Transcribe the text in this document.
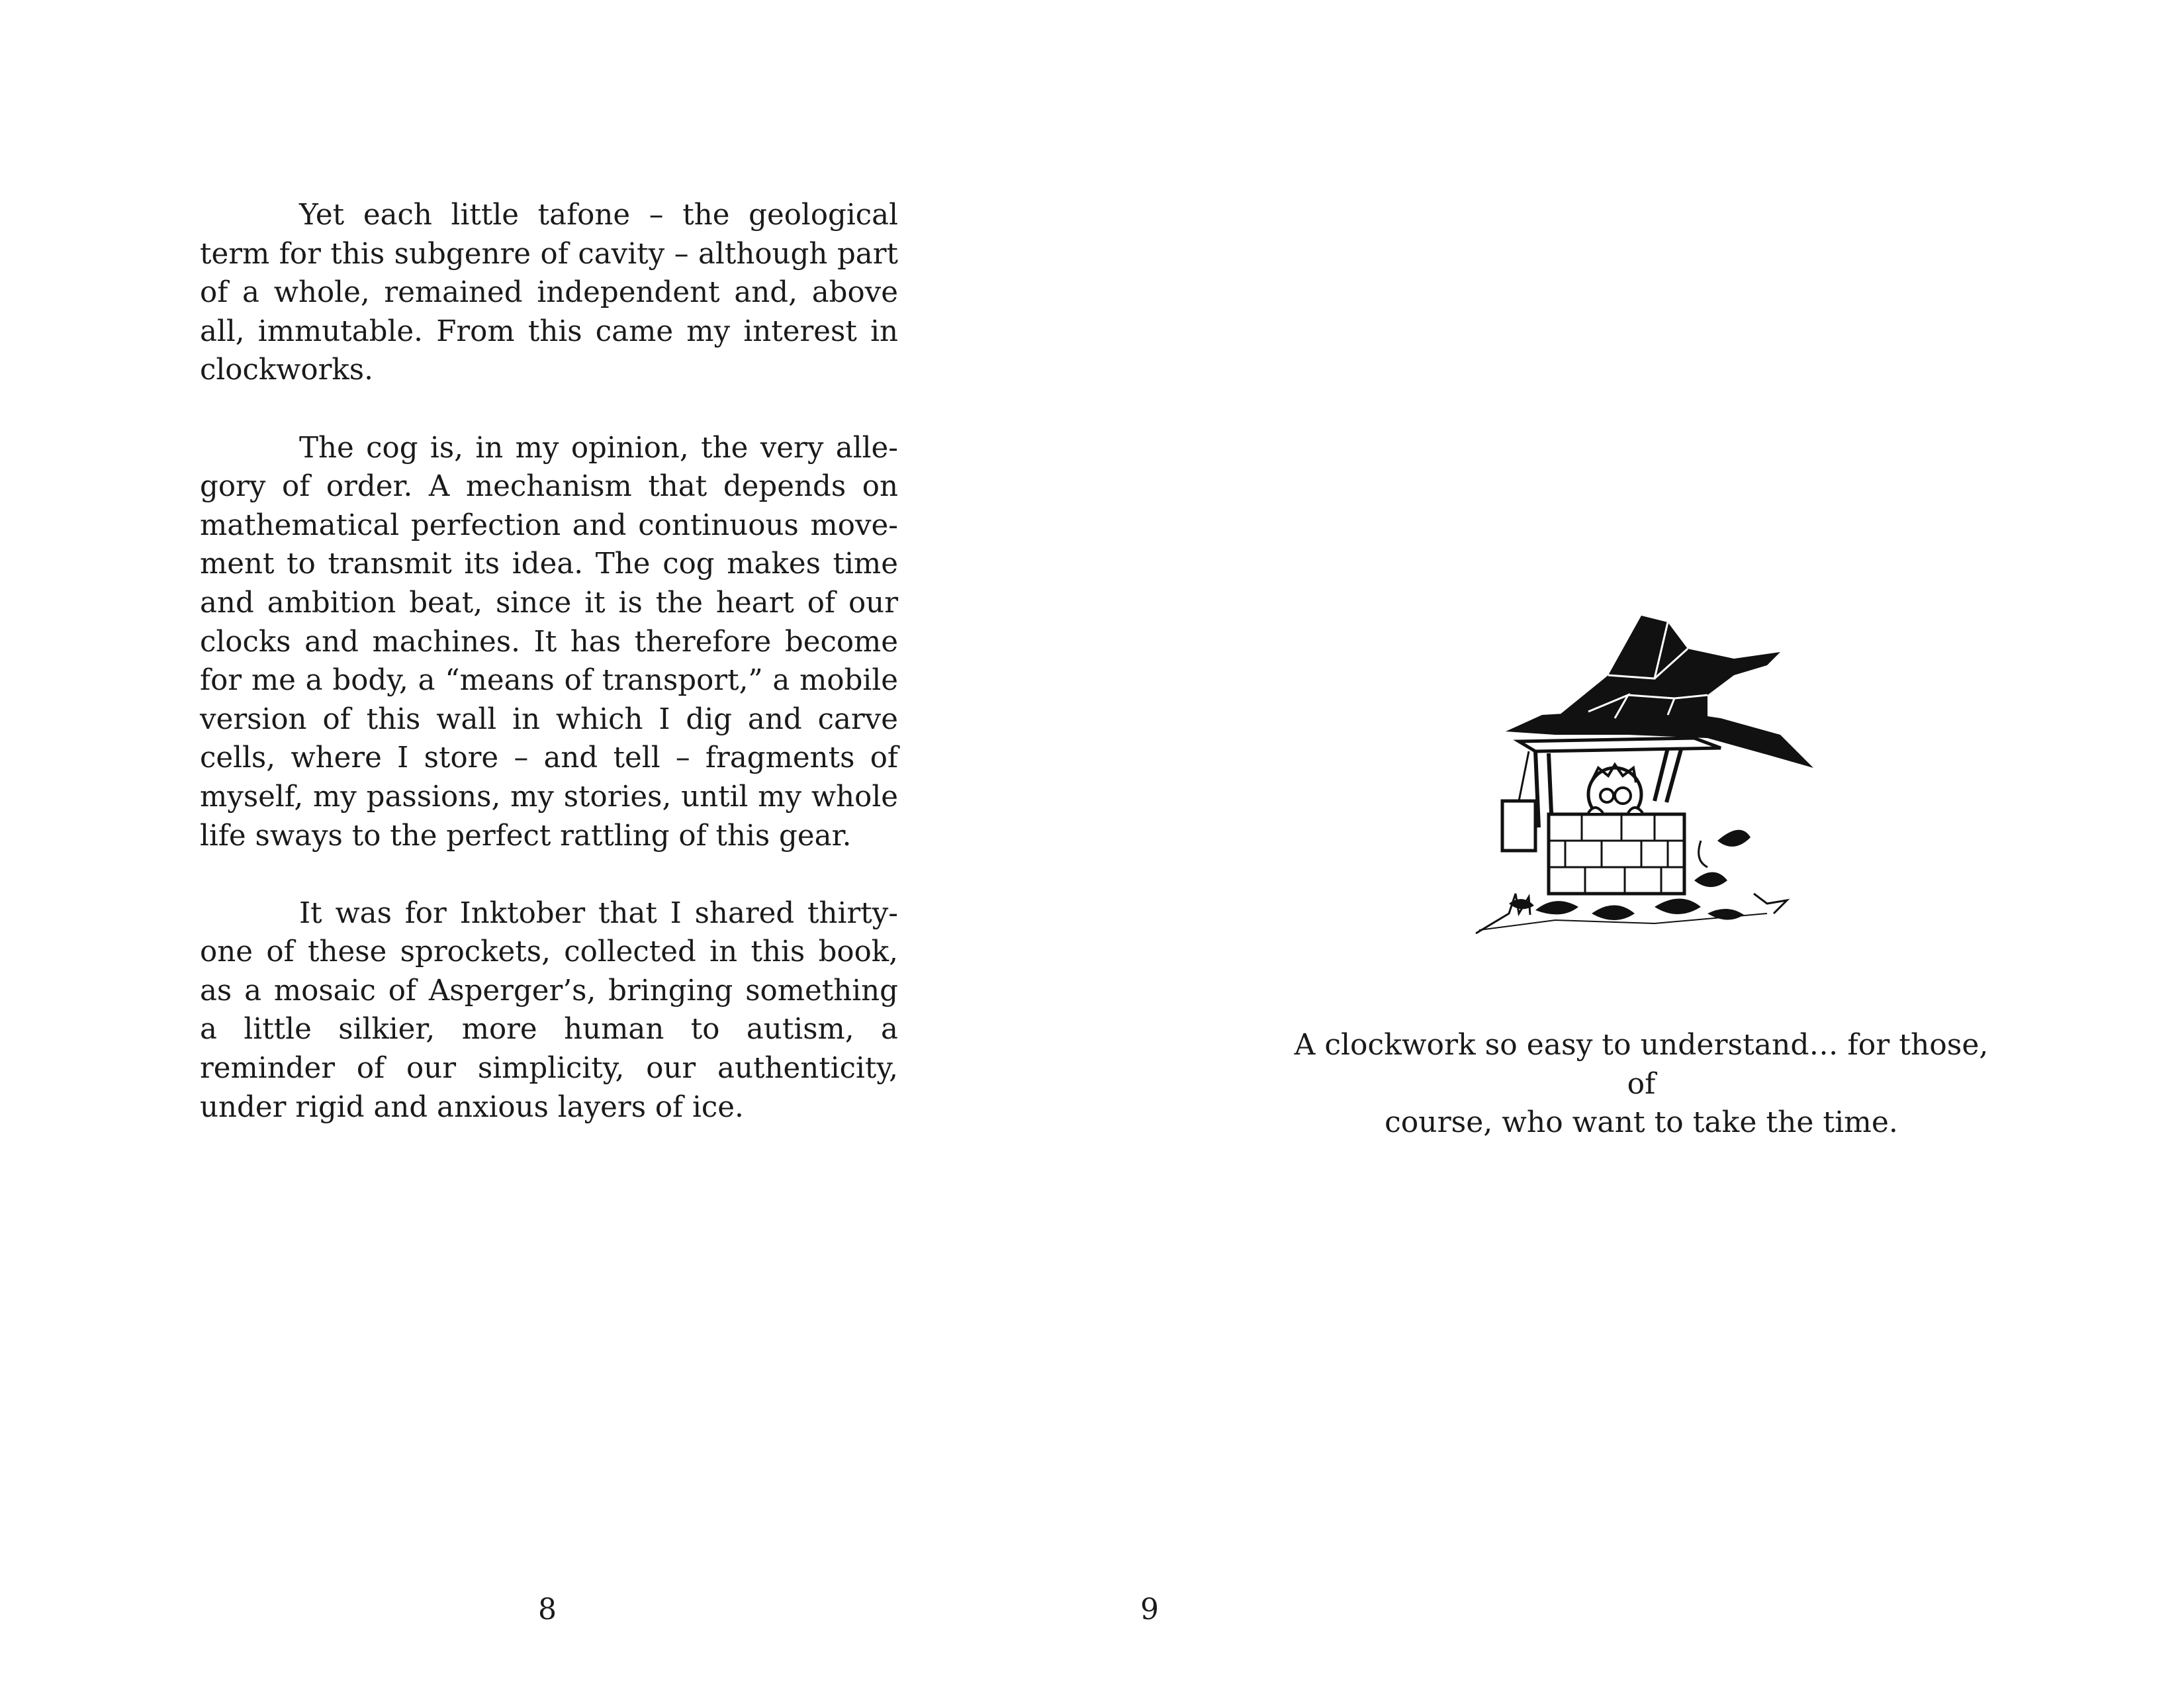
Yet each little tafone – the geological term for this subgenre of cavity – although part of a whole, remained independent and, above all, immutable. From this came my interest in clockworks.

The cog is, in my opinion, the very allegory of order. A mechanism that depends on mathematical perfection and continuous movement to transmit its idea. The cog makes time and ambition beat, since it is the heart of our clocks and machines. It has therefore become for me a body, a “means of transport,” a mobile version of this wall in which I dig and carve cells, where I store – and tell – fragments of myself, my passions, my stories, until my whole life sways to the perfect rattling of this gear.

It was for Inktober that I shared thirty-one of these sprockets, collected in this book, as a mosaic of Asperger’s, bringing something a little silkier, more human to autism, a reminder of our simplicity, our authenticity, under rigid and anxious layers of ice.

8
A clockwork so easy to understand… for those, of
course, who want to take the time.
9
